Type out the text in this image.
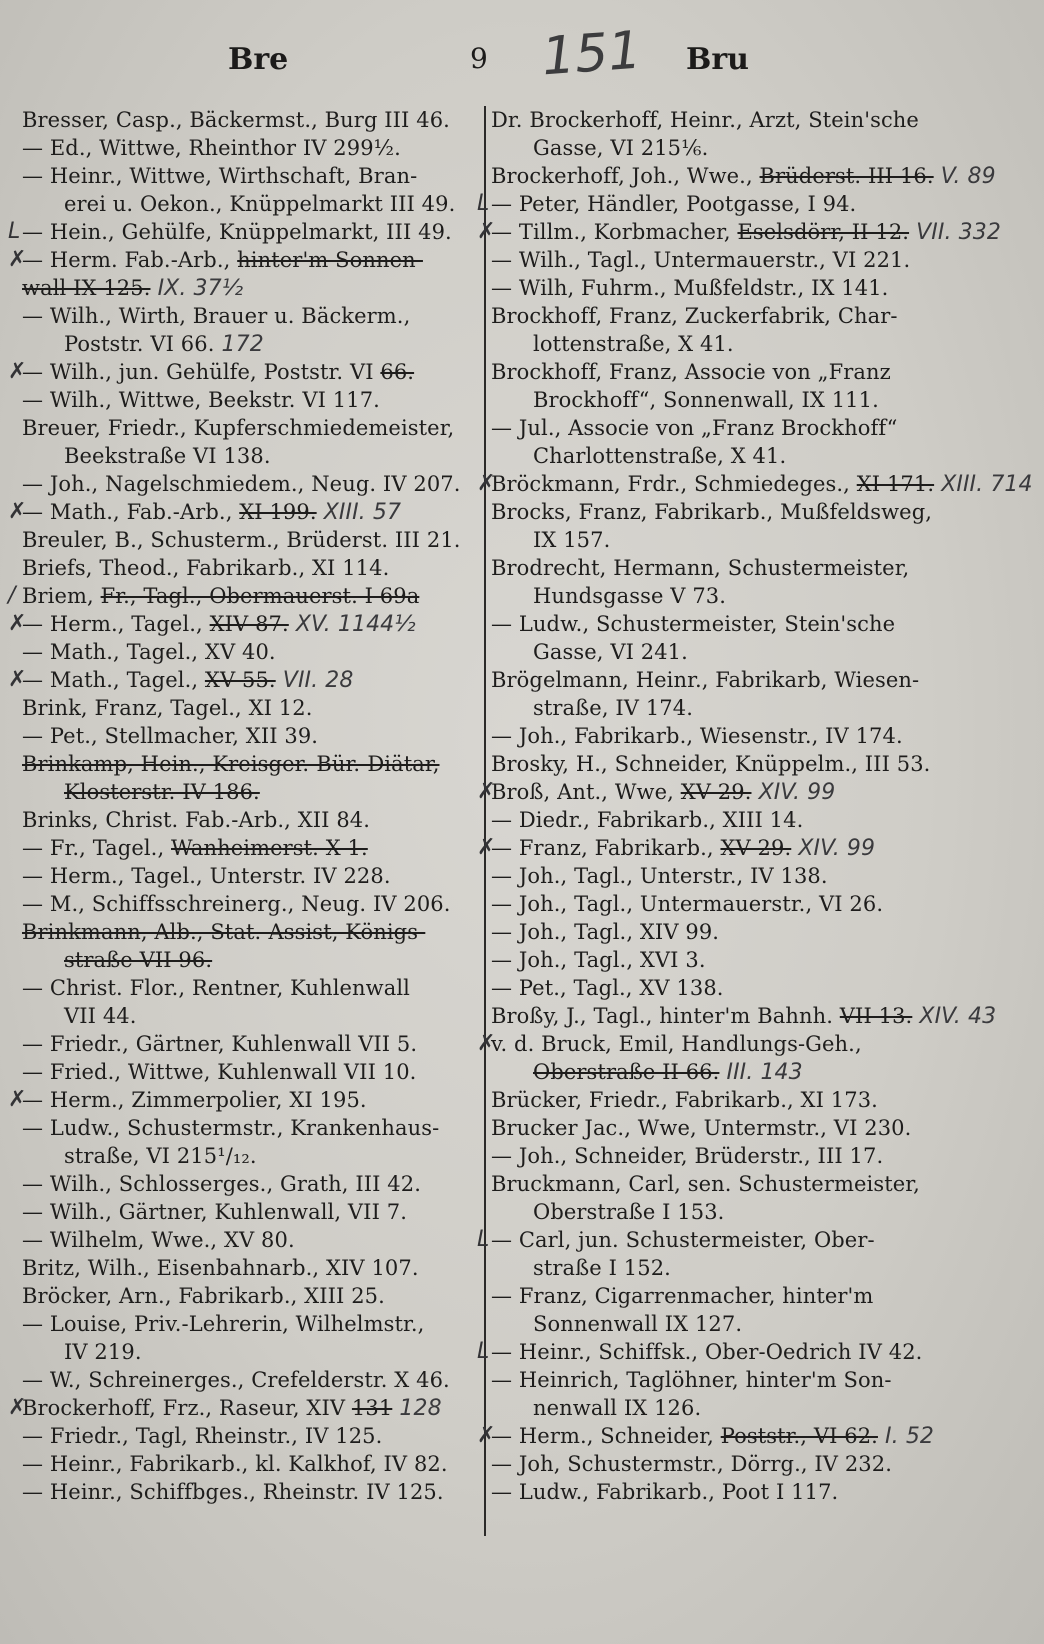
Bre	9 151 Bru
Bresser, Casp., Bäckermst., Burg III 46.
— Ed., Wittwe, Rheinthor IV 299½.
— Heinr., Wittwe, Wirthschaft, Bran-
erei u. Oekon., Knüppelmarkt III 49.
L — Hein., Gehülfe, Knüppelmarkt, III 49.
✗
— Herm. Fab.-Arb., hinter'm Sonnen-
wall IX 125. IX. 37½
— Wilh., Wirth, Brauer u. Bäckerm.,
Poststr. VI 66. 172
✗
— Wilh., jun. Gehülfe, Poststr. VI 66.
— Wilh., Wittwe, Beekstr. VI 117.
Breuer, Friedr., Kupferschmiedemeister,
Beekstraße VI 138.
— Joh., Nagelschmiedem., Neug. IV 207.
✗
— Math., Fab.-Arb., XI 199. XIII. 57
Breuler, B., Schusterm., Brüderst. III 21.
Briefs, Theod., Fabrikarb., XI 114.
/ Briem, Fr., Tagl., Obermauerst. I 69a
✗
— Herm., Tagel., XIV 87. XV. 1144½
— Math., Tagel., XV 40.
✗
— Math., Tagel., XV 55. VII. 28
Brink, Franz, Tagel., XI 12.
— Pet., Stellmacher, XII 39.
Brinkamp, Hein., Kreisger.-Bür.-Diätar,
Klosterstr. IV 186.
Brinks, Christ. Fab.-Arb., XII 84.
— Fr., Tagel., Wanheimerst. X 1.
— Herm., Tagel., Unterstr. IV 228.
— M., Schiffsschreinerg., Neug. IV 206.
Brinkmann, Alb., Stat.-Assist, Königs-
straße VII 96.
— Christ. Flor., Rentner, Kuhlenwall
VII 44.
— Friedr., Gärtner, Kuhlenwall VII 5.
— Fried., Wittwe, Kuhlenwall VII 10.
✗
— Herm., Zimmerpolier, XI 195.
— Ludw., Schustermstr., Krankenhaus-
straße, VI 215¹/₁₂.
— Wilh., Schlosserges., Grath, III 42.
— Wilh., Gärtner, Kuhlenwall, VII 7.
— Wilhelm, Wwe., XV 80.
Britz, Wilh., Eisenbahnarb., XIV 107.
Bröcker, Arn., Fabrikarb., XIII 25.
— Louise, Priv.-Lehrerin, Wilhelmstr.,
IV 219.
— W., Schreinerges., Crefelderstr. X 46.
✗
Brockerhoff, Frz., Raseur, XIV 131 128
— Friedr., Tagl, Rheinstr., IV 125.
— Heinr., Fabrikarb., kl. Kalkhof, IV 82.
— Heinr., Schiffbges., Rheinstr. IV 125.
Dr. Brockerhoff, Heinr., Arzt, Stein'sche
Gasse, VI 215⅙.
Brockerhoff, Joh., Wwe., Brüderst. III 16. V. 89
L — Peter, Händler, Pootgasse, I 94.
✗
— Tillm., Korbmacher, Eselsdörr, II 12. VII. 332
— Wilh., Tagl., Untermauerstr., VI 221.
— Wilh, Fuhrm., Mußfeldstr., IX 141.
Brockhoff, Franz, Zuckerfabrik, Char-
lottenstraße, X 41.
Brockhoff, Franz, Associe von „Franz
Brockhoff“, Sonnenwall, IX 111.
— Jul., Associe von „Franz Brockhoff“
Charlottenstraße, X 41.
✗
Bröckmann, Frdr., Schmiedeges., XI 171. XIII. 714
Brocks, Franz, Fabrikarb., Mußfeldsweg,
IX 157.
Brodrecht, Hermann, Schustermeister,
Hundsgasse V 73.
— Ludw., Schustermeister, Stein'sche
Gasse, VI 241.
Brögelmann, Heinr., Fabrikarb, Wiesen-
straße, IV 174.
— Joh., Fabrikarb., Wiesenstr., IV 174.
Brosky, H., Schneider, Knüppelm., III 53.
✗
Broß, Ant., Wwe, XV 29. XIV. 99
— Diedr., Fabrikarb., XIII 14.
✗
— Franz, Fabrikarb., XV 29. XIV. 99
— Joh., Tagl., Unterstr., IV 138.
— Joh., Tagl., Untermauerstr., VI 26.
— Joh., Tagl., XIV 99.
— Joh., Tagl., XVI 3.
— Pet., Tagl., XV 138.
Broßy, J., Tagl., hinter'm Bahnh. VII 13. XIV. 43
✗
v. d. Bruck, Emil, Handlungs-Geh.,
Oberstraße II 66. III. 143
Brücker, Friedr., Fabrikarb., XI 173.
Brucker Jac., Wwe, Untermstr., VI 230.
— Joh., Schneider, Brüderstr., III 17.
Bruckmann, Carl, sen. Schustermeister,
Oberstraße I 153.
L — Carl, jun. Schustermeister, Ober-
straße I 152.
— Franz, Cigarrenmacher, hinter'm
Sonnenwall IX 127.
L — Heinr., Schiffsk., Ober-Oedrich IV 42.
— Heinrich, Taglöhner, hinter'm Son-
nenwall IX 126.
✗
— Herm., Schneider, Poststr., VI 62. I. 52
— Joh, Schustermstr., Dörrg., IV 232.
— Ludw., Fabrikarb., Poot I 117.
